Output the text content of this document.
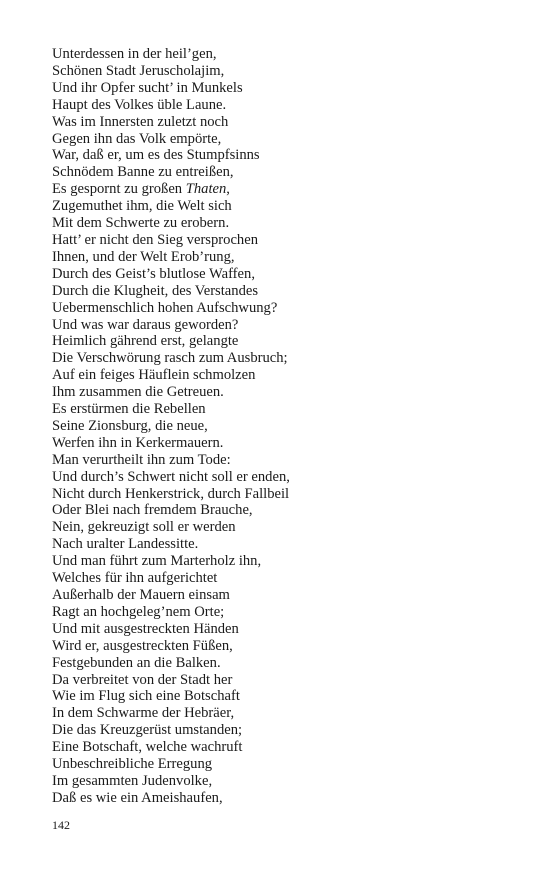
Unterdessen in der heil’gen,
Schönen Stadt Jeruscholajim,
Und ihr Opfer sucht’ in Munkels
Haupt des Volkes üble Laune.
Was im Innersten zuletzt noch
Gegen ihn das Volk empörte,
War, daß er, um es des Stumpfsinns
Schnödem Banne zu entreißen,
Es gespornt zu großen Thaten,
Zugemuthet ihm, die Welt sich
Mit dem Schwerte zu erobern.
Hatt’ er nicht den Sieg versprochen
Ihnen, und der Welt Erob’rung,
Durch des Geist’s blutlose Waffen,
Durch die Klugheit, des Verstandes
Uebermenschlich hohen Aufschwung?
Und was war daraus geworden?
Heimlich gährend erst, gelangte
Die Verschwörung rasch zum Ausbruch;
Auf ein feiges Häuflein schmolzen
Ihm zusammen die Getreuen.
Es erstürmen die Rebellen
Seine Zionsburg, die neue,
Werfen ihn in Kerkermauern.
Man verurtheilt ihn zum Tode:
Und durch’s Schwert nicht soll er enden,
Nicht durch Henkerstrick, durch Fallbeil
Oder Blei nach fremdem Brauche,
Nein, gekreuzigt soll er werden
Nach uralter Landessitte.
Und man führt zum Marterholz ihn,
Welches für ihn aufgerichtet
Außerhalb der Mauern einsam
Ragt an hochgeleg’nem Orte;
Und mit ausgestreckten Händen
Wird er, ausgestreckten Füßen,
Festgebunden an die Balken.
Da verbreitet von der Stadt her
Wie im Flug sich eine Botschaft
In dem Schwarme der Hebräer,
Die das Kreuzgerüst umstanden;
Eine Botschaft, welche wachruft
Unbeschreibliche Erregung
Im gesammten Judenvolke,
Daß es wie ein Ameishaufen,
142
